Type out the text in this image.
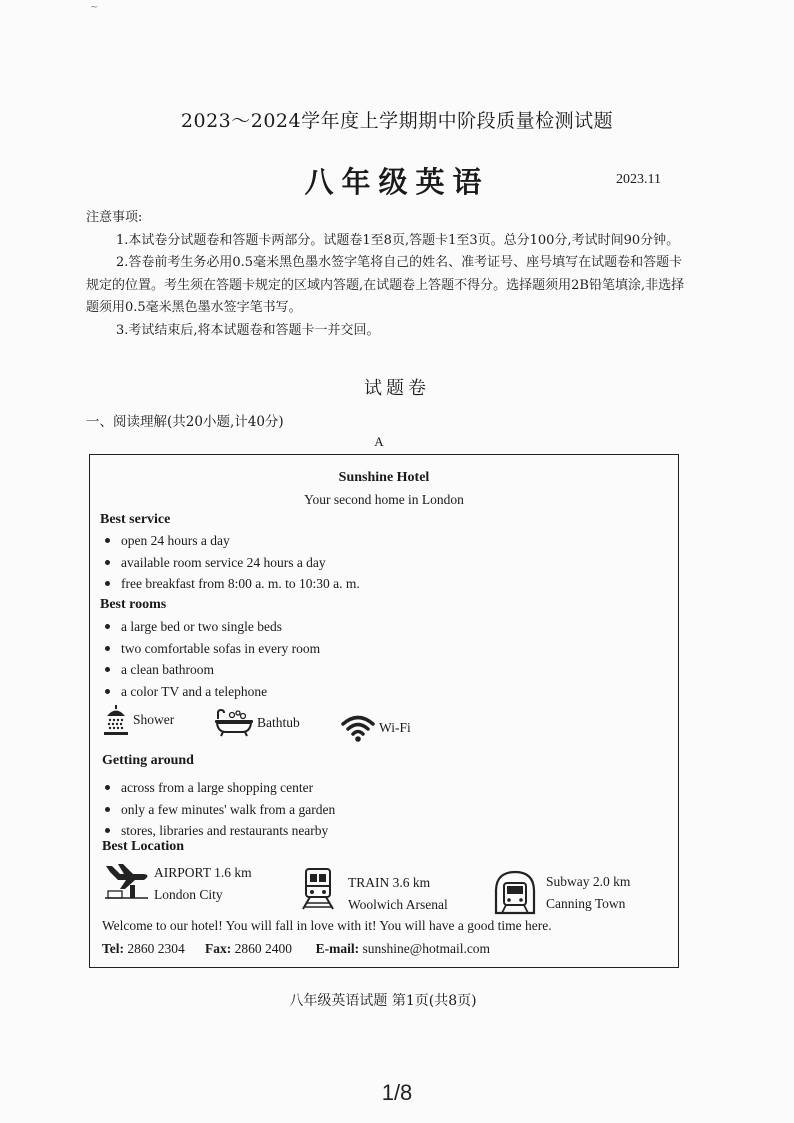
~
2023～2024学年度上学期期中阶段质量检测试题
八年级英语	2023.11

注意事项:

1.本试卷分试题卷和答题卡两部分。试题卷1至8页,答题卡1至3页。总分100分,考试时间90分钟。

2.答卷前考生务必用0.5毫米黑色墨水签字笔将自己的姓名、准考证号、座号填写在试题卷和答题卡规定的位置。考生须在答题卡规定的区域内答题,在试题卷上答题不得分。选择题须用2B铅笔填涂,非选择题须用0.5毫米黑色墨水签字笔书写。

3.考试结束后,将本试题卷和答题卡一并交回。

试题卷
一、阅读理解(共20小题,计40分)
A
Sunshine Hotel
Your second home in London
Best service
open 24 hours a day
available room service 24 hours a day
free breakfast from 8:00 a. m. to 10:30 a. m.
Best rooms
a large bed or two single beds
two comfortable sofas in every room
a clean bathroom
a color TV and a telephone
Shower	Bathtub	Wi-Fi
Getting around
across from a large shopping center
only a few minutes' walk from a garden
stores, libraries and restaurants nearby
Best Location
AIRPORT 1.6 km
London City
TRAIN 3.6 km
Woolwich Arsenal
Subway 2.0 km
Canning Town
Welcome to our hotel! You will fall in love with it! You will have a good time here.
Tel: 2860 2304 Fax: 2860 2400 E-mail: sunshine@hotmail.com
八年级英语试题 第1页(共8页)
1/8
